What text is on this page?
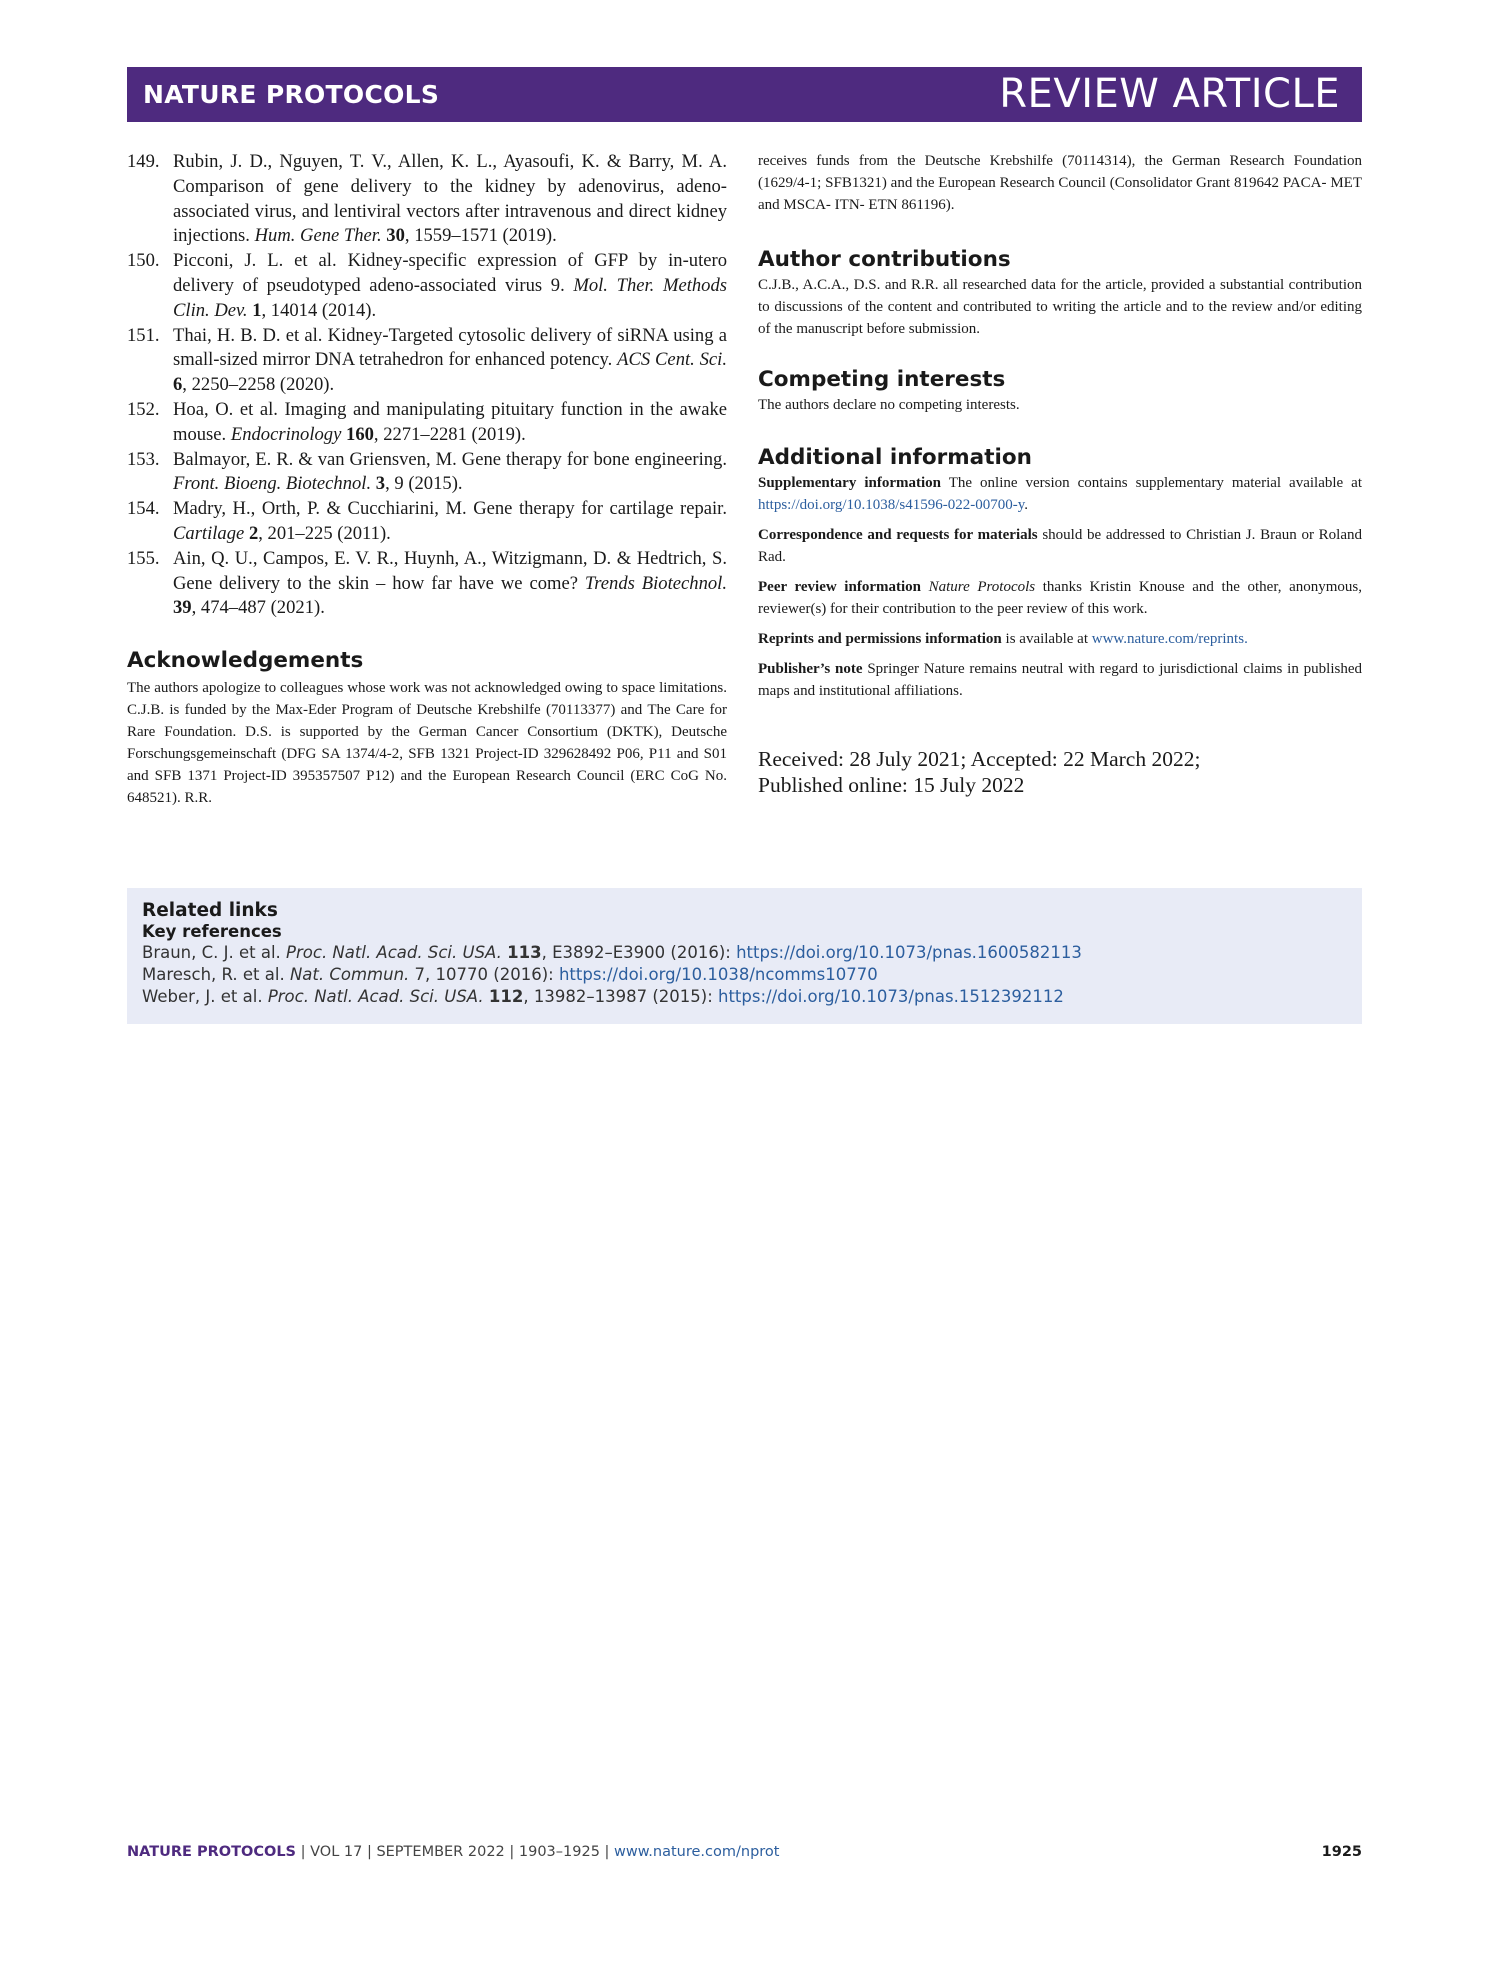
NATURE PROTOCOLS	REVIEW ARTICLE
149. Rubin, J. D., Nguyen, T. V., Allen, K. L., Ayasoufi, K. & Barry, M. A. Comparison of gene delivery to the kidney by adenovirus, adeno-associated virus, and lentiviral vectors after intravenous and direct kidney injections. Hum. Gene Ther. 30, 1559–1571 (2019).
150. Picconi, J. L. et al. Kidney-specific expression of GFP by in-utero delivery of pseudotyped adeno-associated virus 9. Mol. Ther. Methods Clin. Dev. 1, 14014 (2014).
151. Thai, H. B. D. et al. Kidney-Targeted cytosolic delivery of siRNA using a small-sized mirror DNA tetrahedron for enhanced potency. ACS Cent. Sci. 6, 2250–2258 (2020).
152. Hoa, O. et al. Imaging and manipulating pituitary function in the awake mouse. Endocrinology 160, 2271–2281 (2019).
153. Balmayor, E. R. & van Griensven, M. Gene therapy for bone engineering. Front. Bioeng. Biotechnol. 3, 9 (2015).
154. Madry, H., Orth, P. & Cucchiarini, M. Gene therapy for cartilage repair. Cartilage 2, 201–225 (2011).
155. Ain, Q. U., Campos, E. V. R., Huynh, A., Witzigmann, D. & Hedtrich, S. Gene delivery to the skin – how far have we come? Trends Biotechnol. 39, 474–487 (2021).
Acknowledgements

The authors apologize to colleagues whose work was not acknowledged owing to space limitations. C.J.B. is funded by the Max-Eder Program of Deutsche Krebshilfe (70113377) and The Care for Rare Foundation. D.S. is supported by the German Cancer Consortium (DKTK), Deutsche Forschungsgemeinschaft (DFG SA 1374/4-2, SFB 1321 Project-ID 329628492 P06, P11 and S01 and SFB 1371 Project-ID 395357507 P12) and the European Research Council (ERC CoG No. 648521). R.R.

receives funds from the Deutsche Krebshilfe (70114314), the German Research Foundation (1629/4-1; SFB1321) and the European Research Council (Consolidator Grant 819642 PACA- MET and MSCA- ITN- ETN 861196).

Author contributions

C.J.B., A.C.A., D.S. and R.R. all researched data for the article, provided a substantial contribution to discussions of the content and contributed to writing the article and to the review and/or editing of the manuscript before submission.

Competing interests

The authors declare no competing interests.

Additional information

Supplementary information The online version contains supplementary material available at https://doi.org/10.1038/s41596-022-00700-y.

Correspondence and requests for materials should be addressed to Christian J. Braun or Roland Rad.

Peer review information Nature Protocols thanks Kristin Knouse and the other, anonymous, reviewer(s) for their contribution to the peer review of this work.

Reprints and permissions information is available at www.nature.com/reprints.

Publisher’s note Springer Nature remains neutral with regard to jurisdictional claims in published maps and institutional affiliations.

Received: 28 July 2021; Accepted: 22 March 2022;

Published online: 15 July 2022

Related links

Key references

Braun, C. J. et al. Proc. Natl. Acad. Sci. USA. 113, E3892–E3900 (2016): https://doi.org/10.1073/pnas.1600582113

Maresch, R. et al. Nat. Commun. 7, 10770 (2016): https://doi.org/10.1038/ncomms10770

Weber, J. et al. Proc. Natl. Acad. Sci. USA. 112, 13982–13987 (2015): https://doi.org/10.1073/pnas.1512392112

NATURE PROTOCOLS | VOL 17 | SEPTEMBER 2022 | 1903–1925 | www.nature.com/nprot	1925
